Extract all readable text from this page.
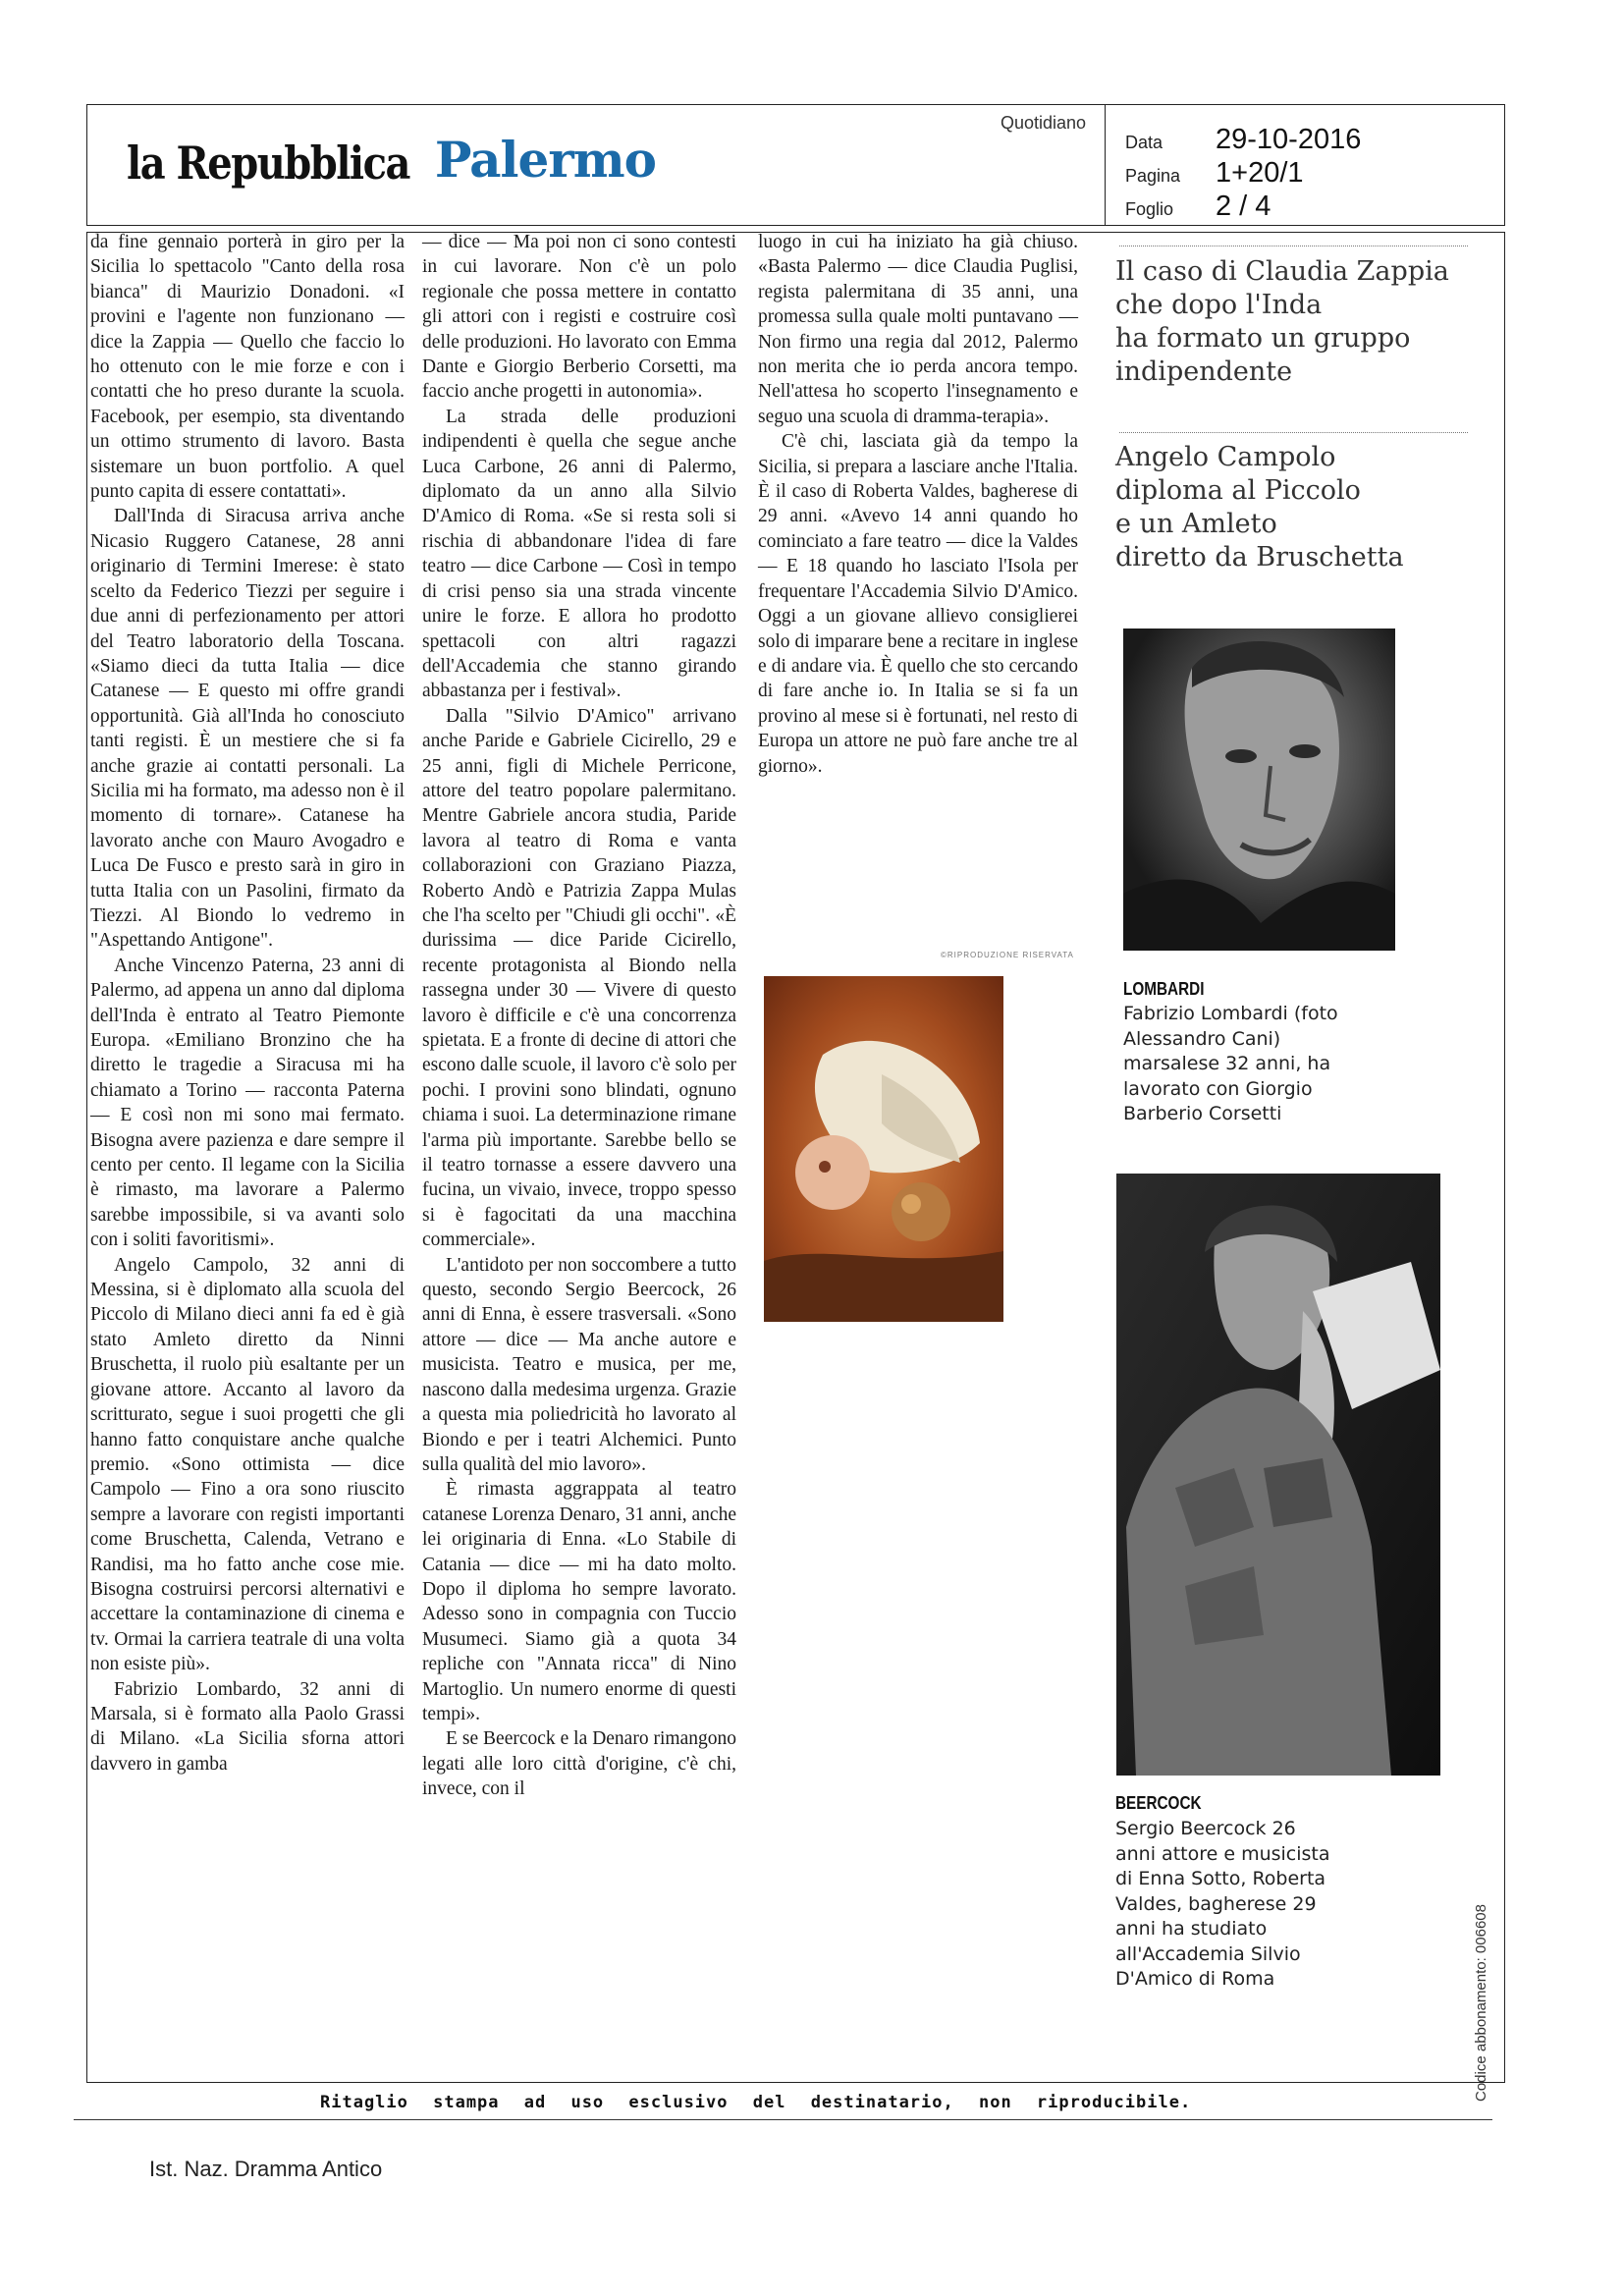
la Repubblica Palermo
Quotidiano
Data	29-10-2016
Pagina	1+20/1
Foglio	2 / 4

da fine gennaio porterà in giro per la Sicilia lo spettacolo "Canto della rosa bianca" di Maurizio Donadoni. «I provini e l'agente non funzionano — dice la Zappia — Quello che faccio lo ho ottenuto con le mie forze e con i contatti che ho preso durante la scuola. Facebook, per esempio, sta diventando un ottimo strumento di lavoro. Basta sistemare un buon portfolio. A quel punto capita di essere contattati».

Dall'Inda di Siracusa arriva anche Nicasio Ruggero Catanese, 28 anni originario di Termini Imerese: è stato scelto da Federico Tiezzi per seguire i due anni di perfezionamento per attori del Teatro laboratorio della Toscana. «Siamo dieci da tutta Italia — dice Catanese — E questo mi offre grandi opportunità. Già all'Inda ho conosciuto tanti registi. È un mestiere che si fa anche grazie ai contatti personali. La Sicilia mi ha formato, ma adesso non è il momento di tornare». Catanese ha lavorato anche con Mauro Avogadro e Luca De Fusco e presto sarà in giro in tutta Italia con un Pasolini, firmato da Tiezzi. Al Biondo lo vedremo in "Aspettando Antigone".

Anche Vincenzo Paterna, 23 anni di Palermo, ad appena un anno dal diploma dell'Inda è entrato al Teatro Piemonte Europa. «Emiliano Bronzino che ha diretto le tragedie a Siracusa mi ha chiamato a Torino — racconta Paterna — E così non mi sono mai fermato. Bisogna avere pazienza e dare sempre il cento per cento. Il legame con la Sicilia è rimasto, ma lavorare a Palermo sarebbe impossibile, si va avanti solo con i soliti favoritismi».

Angelo Campolo, 32 anni di Messina, si è diplomato alla scuola del Piccolo di Milano dieci anni fa ed è già stato Amleto diretto da Ninni Bruschetta, il ruolo più esaltante per un giovane attore. Accanto al lavoro da scritturato, segue i suoi progetti che gli hanno fatto conquistare anche qualche premio. «Sono ottimista — dice Campolo — Fino a ora sono riuscito sempre a lavorare con registi importanti come Bruschetta, Calenda, Vetrano e Randisi, ma ho fatto anche cose mie. Bisogna costruirsi percorsi alternativi e accettare la contaminazione di cinema e tv. Ormai la carriera teatrale di una volta non esiste più».

Fabrizio Lombardo, 32 anni di Marsala, si è formato alla Paolo Grassi di Milano. «La Sicilia sforna attori davvero in gamba

— dice — Ma poi non ci sono contesti in cui lavorare. Non c'è un polo regionale che possa mettere in contatto gli attori con i registi e costruire così delle produzioni. Ho lavorato con Emma Dante e Giorgio Berberio Corsetti, ma faccio anche progetti in autonomia».

La strada delle produzioni indipendenti è quella che segue anche Luca Carbone, 26 anni di Palermo, diplomato da un anno alla Silvio D'Amico di Roma. «Se si resta soli si rischia di abbandonare l'idea di fare teatro — dice Carbone — Così in tempo di crisi penso sia una strada vincente unire le forze. E allora ho prodotto spettacoli con altri ragazzi dell'Accademia che stanno girando abbastanza per i festival».

Dalla "Silvio D'Amico" arrivano anche Paride e Gabriele Cicirello, 29 e 25 anni, figli di Michele Perricone, attore del teatro popolare palermitano. Mentre Gabriele ancora studia, Paride lavora al teatro di Roma e vanta collaborazioni con Graziano Piazza, Roberto Andò e Patrizia Zappa Mulas che l'ha scelto per "Chiudi gli occhi". «È durissima — dice Paride Cicirello, recente protagonista al Biondo nella rassegna under 30 — Vivere di questo lavoro è difficile e c'è una concorrenza spietata. E a fronte di decine di attori che escono dalle scuole, il lavoro c'è solo per pochi. I provini sono blindati, ognuno chiama i suoi. La determinazione rimane l'arma più importante. Sarebbe bello se il teatro tornasse a essere davvero una fucina, un vivaio, invece, troppo spesso si è fagocitati da una macchina commerciale».

L'antidoto per non soccombere a tutto questo, secondo Sergio Beercock, 26 anni di Enna, è essere trasversali. «Sono attore — dice — Ma anche autore e musicista. Teatro e musica, per me, nascono dalla medesima urgenza. Grazie a questa mia poliedricità ho lavorato al Biondo e per i teatri Alchemici. Punto sulla qualità del mio lavoro».

È rimasta aggrappata al teatro catanese Lorenza Denaro, 31 anni, anche lei originaria di Enna. «Lo Stabile di Catania — dice — mi ha dato molto. Dopo il diploma ho sempre lavorato. Adesso sono in compagnia con Tuccio Musumeci. Siamo già a quota 34 repliche con "Annata ricca" di Nino Martoglio. Un numero enorme di questi tempi».

E se Beercock e la Denaro rimangono legati alle loro città d'origine, c'è chi, invece, con il

luogo in cui ha iniziato ha già chiuso. «Basta Palermo — dice Claudia Puglisi, regista palermitana di 35 anni, una promessa sulla quale molti puntavano — Non firmo una regia dal 2012, Palermo non merita che io perda ancora tempo. Nell'attesa ho scoperto l'insegnamento e seguo una scuola di dramma-terapia».

C'è chi, lasciata già da tempo la Sicilia, si prepara a lasciare anche l'Italia. È il caso di Roberta Valdes, bagherese di 29 anni. «Avevo 14 anni quando ho cominciato a fare teatro — dice la Valdes — E 18 quando ho lasciato l'Isola per frequentare l'Accademia Silvio D'Amico. Oggi a un giovane allievo consiglierei solo di imparare bene a recitare in inglese e di andare via. È quello che sto cercando di fare anche io. In Italia se si fa un provino al mese si è fortunati, nel resto di Europa un attore ne può fare anche tre al giorno».

©RIPRODUZIONE RISERVATA
Il caso di Claudia Zappia
che dopo l'Inda
ha formato un gruppo
indipendente
Angelo Campolo
diploma al Piccolo
e un Amleto
diretto da Bruschetta
LOMBARDI
Fabrizio Lombardi (foto Alessandro Cani) marsalese 32 anni, ha lavorato con Giorgio Barberio Corsetti
BEERCOCK
Sergio Beercock 26 anni attore e musicista di Enna Sotto, Roberta Valdes, bagherese 29 anni ha studiato all'Accademia Silvio D'Amico di Roma	Codice abbonamento: 006608
Ritaglio stampa ad uso esclusivo del destinatario, non riproducibile.
Ist. Naz. Dramma Antico
